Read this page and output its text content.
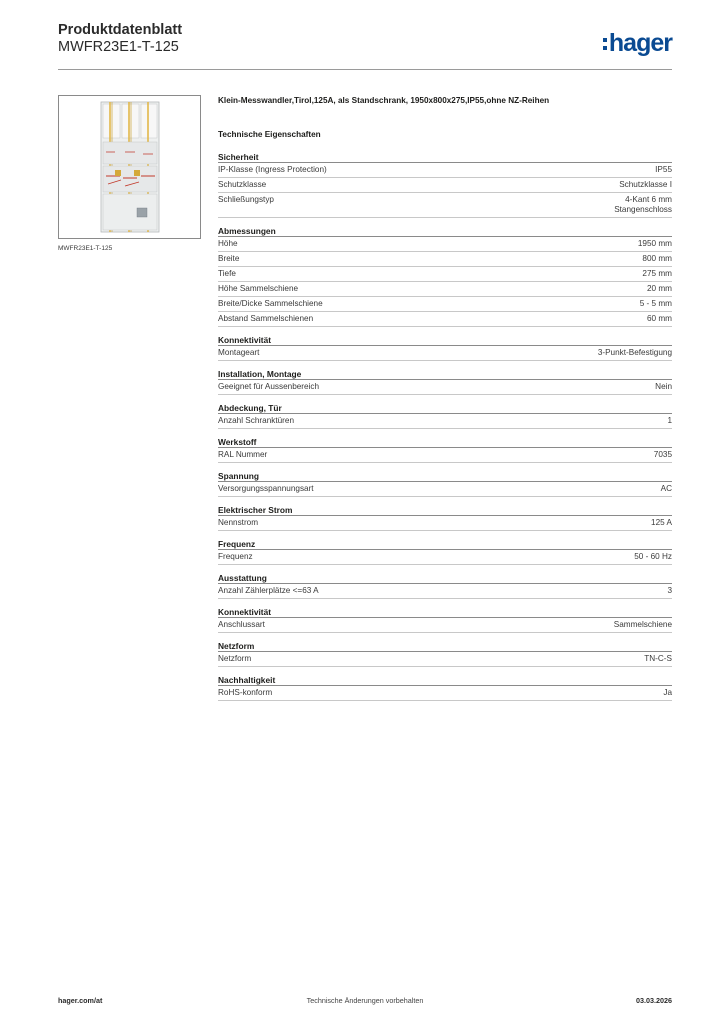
Produktdatenblatt
MWFR23E1-T-125	hager
MWFR23E1-T-125
Klein-Messwandler,Tirol,125A, als Standschrank, 1950x800x275,IP55,ohne NZ-Reihen
Technische Eigenschaften
Sicherheit
IP-Klasse (Ingress Protection)	IP55
Schutzklasse	Schutzklasse I
Schließungstyp	4-Kant 6 mm
Stangenschloss
Abmessungen
Höhe	1950 mm
Breite	800 mm
Tiefe	275 mm
Höhe Sammelschiene	20 mm
Breite/Dicke Sammelschiene	5 - 5 mm
Abstand Sammelschienen	60 mm
Konnektivität
Montageart	3-Punkt-Befestigung
Installation, Montage
Geeignet für Aussenbereich	Nein
Abdeckung, Tür
Anzahl Schranktüren	1
Werkstoff
RAL Nummer	7035
Spannung
Versorgungsspannungsart	AC
Elektrischer Strom
Nennstrom	125 A
Frequenz
Frequenz	50 - 60 Hz
Ausstattung
Anzahl Zählerplätze <=63 A	3
Konnektivität
Anschlussart	Sammelschiene
Netzform
Netzform	TN-C-S
Nachhaltigkeit
RoHS-konform	Ja
hager.com/at	Technische Änderungen vorbehalten	03.03.2026
